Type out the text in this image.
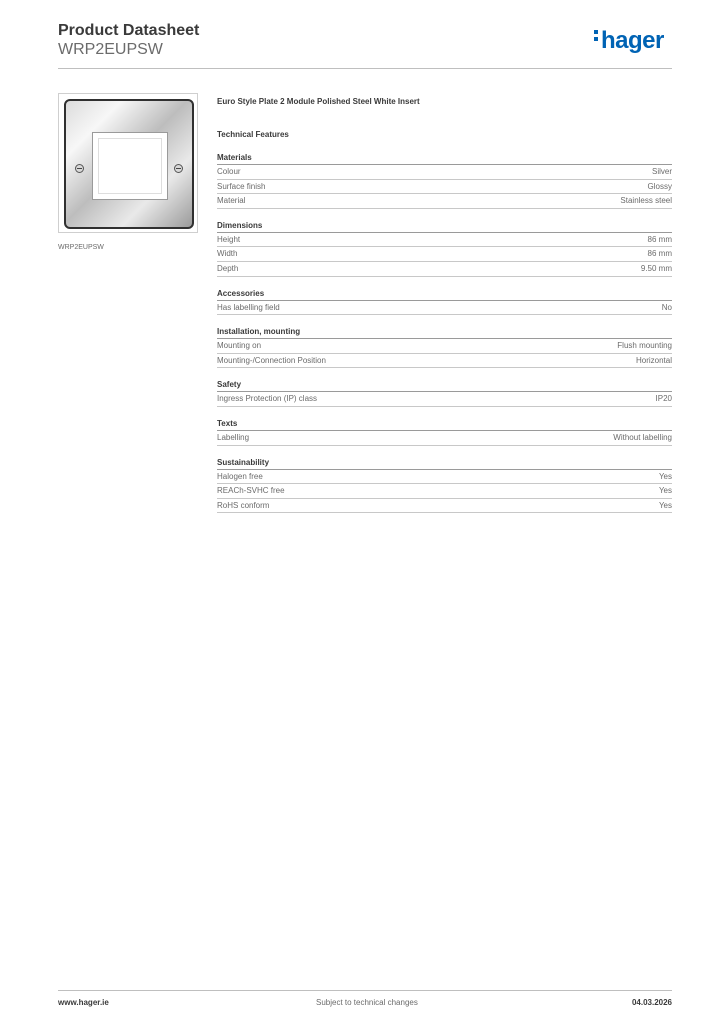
Product Datasheet
WRP2EUPSW	hager
WRP2EUPSW
Euro Style Plate 2 Module Polished Steel White Insert
Technical Features
Materials
Colour	Silver
Surface finish	Glossy
Material	Stainless steel
Dimensions
Height	86 mm
Width	86 mm
Depth	9.50 mm
Accessories
Has labelling field	No
Installation, mounting
Mounting on	Flush mounting
Mounting-/Connection Position	Horizontal
Safety
Ingress Protection (IP) class	IP20
Texts
Labelling	Without labelling
Sustainability
Halogen free	Yes
REACh-SVHC free	Yes
RoHS conform	Yes
www.hager.ie	Subject to technical changes	04.03.2026
